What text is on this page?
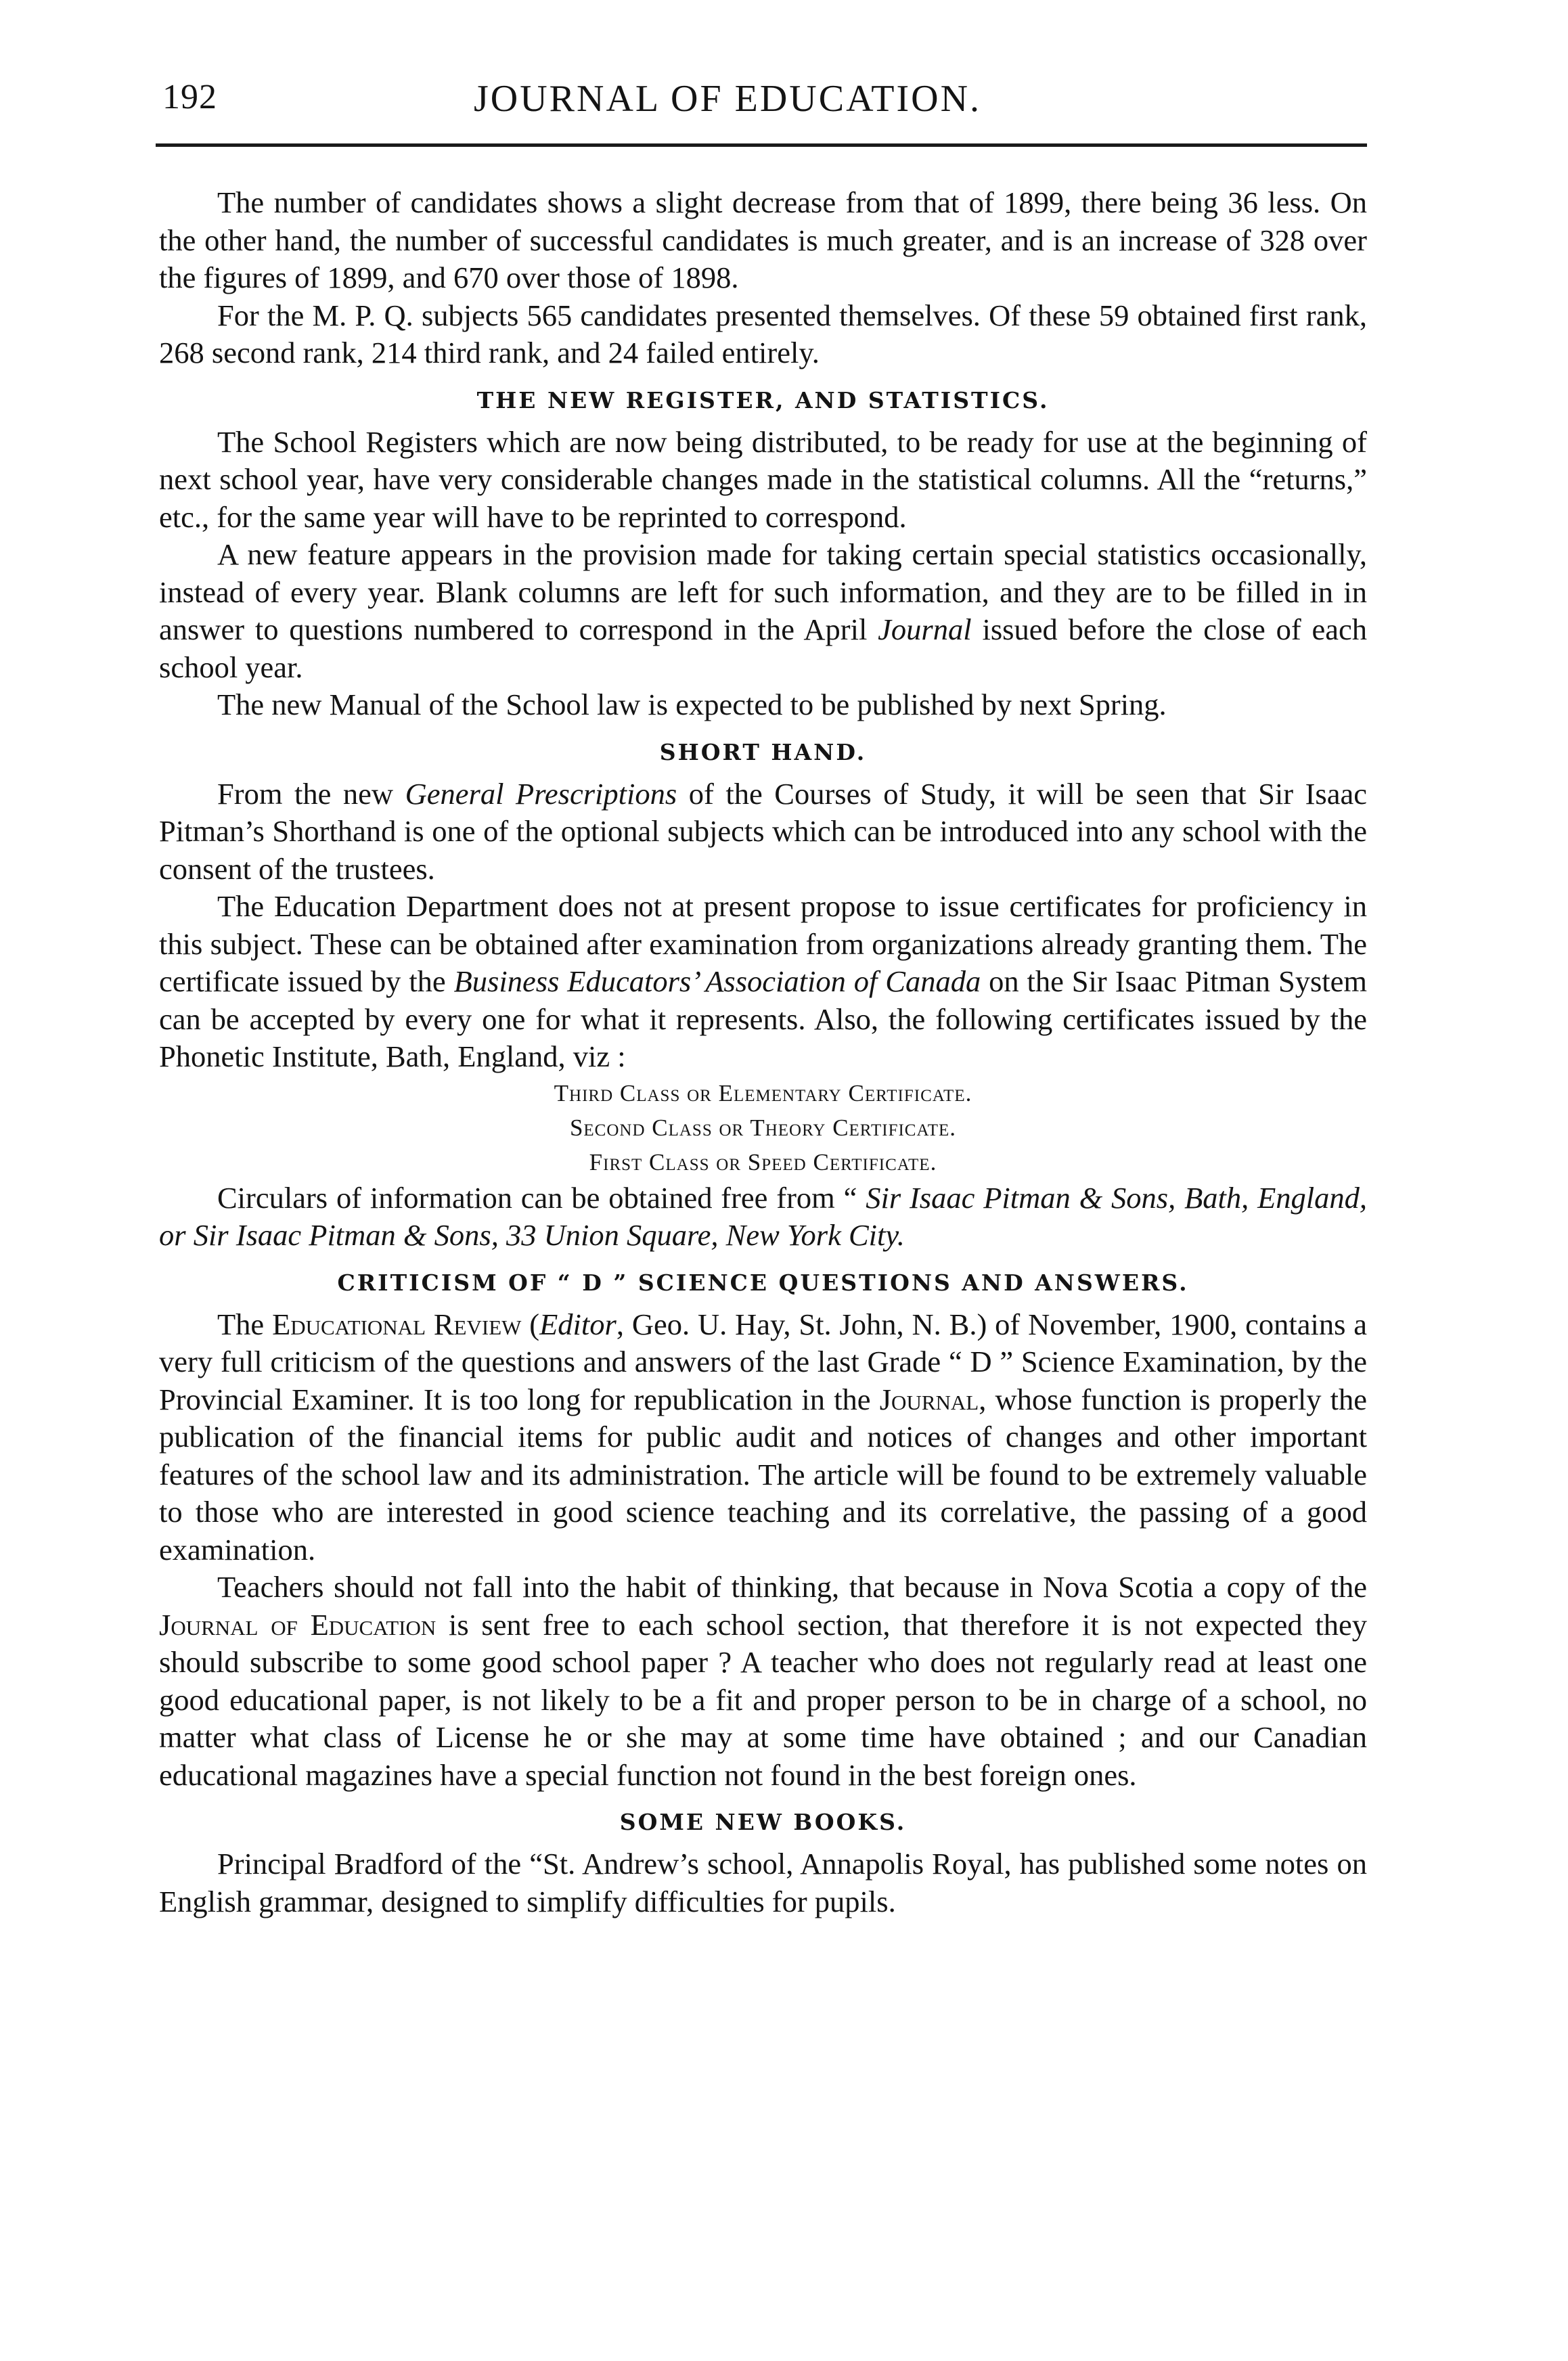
192	JOURNAL OF EDUCATION.

The number of candidates shows a slight decrease from that of 1899, there being 36 less. On the other hand, the number of successful candidates is much greater, and is an increase of 328 over the figures of 1899, and 670 over those of 1898.

For the M. P. Q. subjects 565 candidates presented themselves. Of these 59 obtained first rank, 268 second rank, 214 third rank, and 24 failed entirely.

THE NEW REGISTER, AND STATISTICS.

The School Registers which are now being distributed, to be ready for use at the beginning of next school year, have very considerable changes made in the statistical columns. All the “returns,” etc., for the same year will have to be reprinted to correspond.

A new feature appears in the provision made for taking certain special statistics occasionally, instead of every year. Blank columns are left for such information, and they are to be filled in in answer to questions numbered to correspond in the April Journal issued before the close of each school year.

The new Manual of the School law is expected to be published by next Spring.

SHORT HAND.

From the new General Prescriptions of the Courses of Study, it will be seen that Sir Isaac Pitman’s Shorthand is one of the optional subjects which can be introduced into any school with the consent of the trustees.

The Education Department does not at present propose to issue certificates for proficiency in this subject. These can be obtained after examination from organizations already granting them. The certificate issued by the Business Educators’ Association of Canada on the Sir Isaac Pitman System can be accepted by every one for what it represents. Also, the following certificates issued by the Phonetic Institute, Bath, England, viz :

Third Class or Elementary Certificate.
Second Class or Theory Certificate.
First Class or Speed Certificate.

Circulars of information can be obtained free from “ Sir Isaac Pitman & Sons, Bath, England, or Sir Isaac Pitman & Sons, 33 Union Square, New York City.

CRITICISM OF “ D ” SCIENCE QUESTIONS AND ANSWERS.

The Educational Review (Editor, Geo. U. Hay, St. John, N. B.) of November, 1900, contains a very full criticism of the questions and answers of the last Grade “ D ” Science Examination, by the Provincial Examiner. It is too long for republication in the Journal, whose function is properly the publication of the financial items for public audit and notices of changes and other important features of the school law and its administration. The article will be found to be extremely valuable to those who are interested in good science teaching and its correlative, the passing of a good examination.

Teachers should not fall into the habit of thinking, that because in Nova Scotia a copy of the Journal of Education is sent free to each school section, that therefore it is not expected they should subscribe to some good school paper ? A teacher who does not regularly read at least one good educational paper, is not likely to be a fit and proper person to be in charge of a school, no matter what class of License he or she may at some time have obtained ; and our Canadian educational magazines have a special function not found in the best foreign ones.

SOME NEW BOOKS.

Principal Bradford of the “St. Andrew’s school, Annapolis Royal, has published some notes on English grammar, designed to simplify difficulties for pupils.
